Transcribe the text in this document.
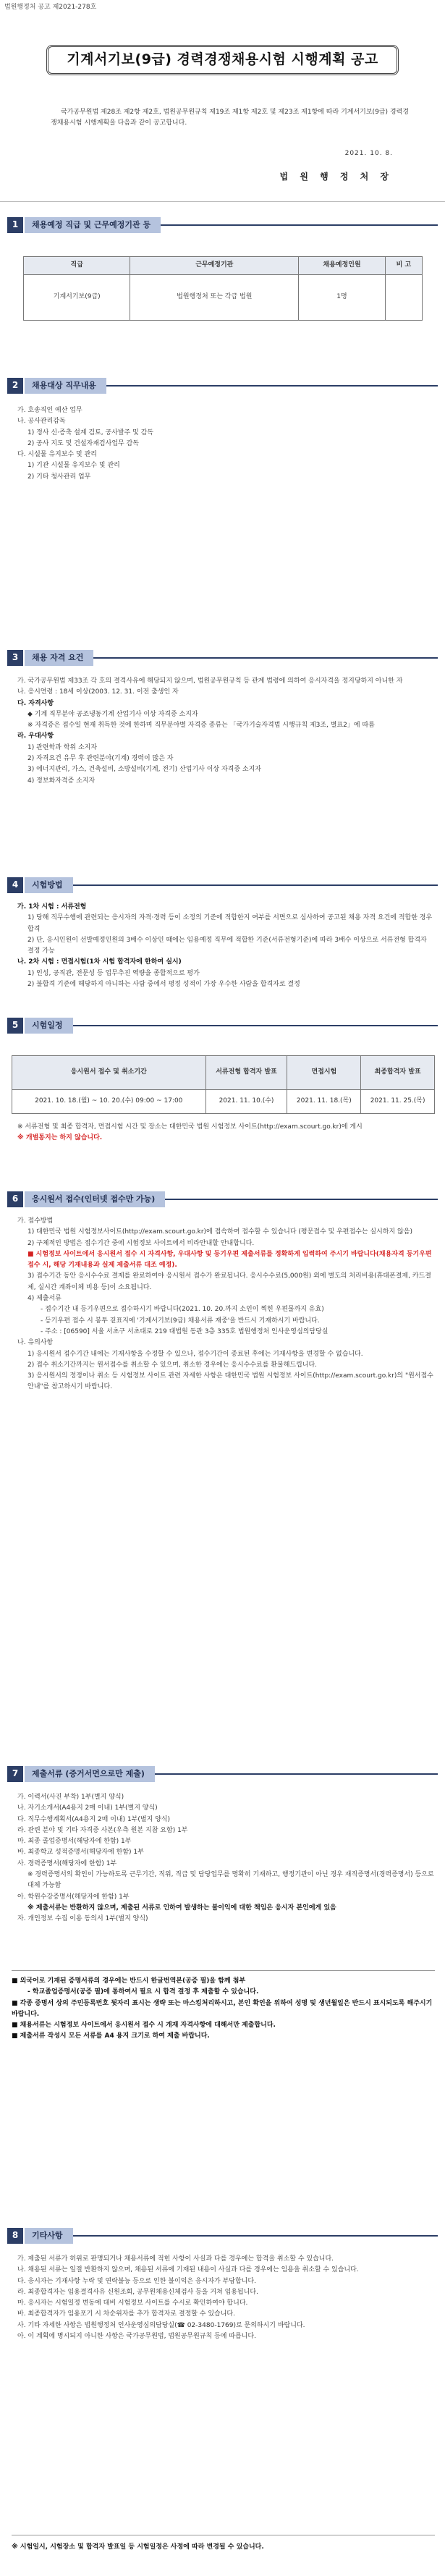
법원행정처 공고 제2021-278호
기계서기보(9급) 경력경쟁채용시험 시행계획 공고
국가공무원법 제28조 제2항 제2호, 법원공무원규칙 제19조 제1항 제2호 및 제23조 제1항에 따라 기계서기보(9급) 경력경쟁채용시험 시행계획을 다음과 같이 공고합니다.
2021. 10. 8.
법 원 행 정 처 장
1	채용예정 직급 및 근무예정기관 등
직급	근무예정기관	채용예정인원	비 고
기계서기보(9급)	법원행정처 또는 각급 법원	1명	
2	채용대상 직무내용

가. 호송직인 예산 업무

나. 공사관리감독

1) 정사 신‧증축 설계 검토, 공사발주 및 감독

2) 공사 지도 및 건설자재검사업무 감독

다. 시설물 유지보수 및 관리

1) 기관 시설물 유지보수 및 관리

2) 기타 청사관리 업무

3	채용 자격 요건

가. 국가공무원법 제33조 각 호의 결격사유에 해당되지 않으며, 법원공무원규칙 등 관계 법령에 의하여 응시자격을 정지당하지 아니한 자

나. 응시연령 : 18세 이상(2003. 12. 31. 이전 출생인 자

다. 자격사항

◆ 기계 직무분야 공조냉동기계 산업기사 이상 자격증 소지자

※ 자격증은 접수일 현재 취득한 것에 한하며 직무분야별 자격증 종류는 「국가기술자격법 시행규칙 제3조, 별표2」에 따름

라. 우대사항

1) 관련학과 학위 소지자

2) 자격요건 유무 후 관련분야(기계) 경력이 많은 자

3) 에너지관리, 가스, 건축설비, 소방설비(기계, 전기) 산업기사 이상 자격증 소지자

4) 정보화자격증 소지자

4	시험방법

가. 1차 시험 : 서류전형

1) 당해 직무수행에 관련되는 응시자의 자격‧경력 등이 소정의 기준에 적합한지 여부를 서면으로 심사하여 공고된 채용 자격 요건에 적합한 경우 합격

2) 단, 응시인원이 선발예정인원의 3배수 이상인 때에는 임용예정 직무에 적합한 기준(서류전형기준)에 따라 3배수 이상으로 서류전형 합격자 결정 가능

나. 2차 시험 : 면접시험(1차 시험 합격자에 한하여 실시)

1) 인성, 공직관, 전문성 등 업무추진 역량을 종합적으로 평가

2) 불합격 기준에 해당하지 아니하는 사람 중에서 평정 성적이 가장 우수한 사람을 합격자로 결정

5	시험일정
응시원서 접수 및 취소기간	서류전형 합격자 발표	면접시험	최종합격자 발표
2021. 10. 18.(월) ~ 10. 20.(수) 09:00 ~ 17:00	2021. 11. 10.(수)	2021. 11. 18.(목)	2021. 11. 25.(목)

※ 서류전형 및 최종 합격자, 면접시험 시간 및 장소는 대한민국 법원 시험정보 사이트(http://exam.scourt.go.kr)에 게시

※ 개별통지는 하지 않습니다.

6	응시원서 접수(인터넷 접수만 가능)

가. 접수방법

1) 대한민국 법원 시험정보사이트(http://exam.scourt.go.kr)에 접속하여 접수할 수 있습니다 (평문접수 및 우편접수는 실시하지 않음)

2) 구체적인 방법은 접수기간 중에 시험정보 사이트에서 비라안내할 안내합니다.

■ 시험정보 사이트에서 응시원서 접수 시 자격사항, 우대사항 및 등기우편 제출서류를 정확하게 입력하여 주시기 바랍니다(채용자격 등기우편 접수 시, 해당 기재내용과 실제 제출서류 대조 예정).

3) 접수기간 동안 응시수수료 결제를 완료하여야 응시원서 접수가 완료됩니다. 응시수수료(5,000원) 외에 별도의 처리비용(휴대폰결제, 카드결제, 실시간 계좌이체 비용 등)이 소요됩니다.

4) 제출서류

- 접수기간 내 등기우편으로 접수하시기 바랍니다(2021. 10. 20.까지 소인이 찍힌 우편물까지 유효)

- 등기우편 접수 시 봉투 겉표지에 '기계서기보(9급) 채용서류 재중'을 반드시 기재하시기 바랍니다.

- 주소 : [06590] 서울 서초구 서초대로 219 대법원 동관 3층 335호 법원행정처 인사운영심의담당실

나. 유의사항

1) 응시원서 접수기간 내에는 기재사항을 수정할 수 있으나, 접수기간이 종료된 후에는 기재사항을 변경할 수 없습니다.

2) 접수 취소기간까지는 원서접수를 취소할 수 있으며, 취소한 경우에는 응시수수료를 환불해드립니다.

3) 응시원서의 정정이나 취소 등 시험정보 사이트 관련 자세한 사항은 대한민국 법원 시험정보 사이트(http://exam.scourt.go.kr)의 "원서접수안내"를 참고하시기 바랍니다.

7	제출서류 (증거서면으로만 제출)

가. 이력서(사진 부착) 1부(별지 양식)

나. 자기소개서(A4용지 2매 이내) 1부(별지 양식)

다. 직무수행계획서(A4용지 2매 이내) 1부(별지 양식)

라. 관련 분야 및 기타 자격증 사본(우측 원본 지참 요함) 1부

마. 최종 졸업증명서(해당자에 한함) 1부

바. 최종학교 성적증명서(해당자에 한함) 1부

사. 경력증명서(해당자에 한함) 1부

※ 경력증명서의 확인이 가능하도록 근무기간, 직위, 직급 및 담당업무를 명확히 기재하고, 행정기관이 아닌 경우 재직증명서(경력증명서) 등으로 대체 가능함

아. 학원수강증명서(해당자에 한함) 1부

※ 제출서류는 반환하지 않으며, 제출된 서류로 인하여 발생하는 불이익에 대한 책임은 응시자 본인에게 있음

자. 개인정보 수집 이용 동의서 1부(별지 양식)

■ 외국어로 기재된 증명서류의 경우에는 반드시 한글번역본(공증 필)을 함께 첨부

- 학교졸업증명서(공증 필)에 통하여서 필요 시 합격 결정 후 제출할 수 있습니다.

■ 각종 증명서 상의 주민등록번호 뒷자리 표시는 생략 또는 마스킹처리하시고, 본인 확인을 위하여 성명 및 생년월일은 반드시 표시되도록 해주시기 바랍니다.

■ 채용서류는 시험정보 사이트에서 응시원서 접수 시 개재 자격사항에 대해서만 제출합니다.

■ 제출서류 작성시 모든 서류를 A4 용지 크기로 하여 제출 바랍니다.

8	기타사항

가. 제출된 서류가 허위로 판명되거나 채용서류에 적힌 사항이 사실과 다를 경우에는 합격을 취소할 수 있습니다.

나. 채용된 서류는 일절 반환하지 않으며, 채용된 서류에 기재된 내용이 사실과 다를 경우에는 임용을 취소할 수 있습니다.

다. 응시자는 기재사항 누락 및 연락불능 등으로 인한 불이익은 응시자가 부담합니다.

라. 최종합격자는 임용결격사유 신원조회, 공무원채용신체검사 등을 거쳐 임용됩니다.

마. 응시자는 시험일정 변동에 대비 시험정보 사이트를 수시로 확인하여야 합니다.

바. 최종합격자가 임용포기 시 차순위자를 추가 합격자로 결정할 수 있습니다.

사. 기타 자세한 사항은 법원행정처 인사운영심의담당실(☎ 02-3480-1769)로 문의하시기 바랍니다.

아. 이 계획에 명시되지 아니한 사항은 국가공무원법, 법원공무원규칙 등에 따릅니다.

※ 시험일시, 시험장소 및 합격자 발표일 등 시험일정은 사정에 따라 변경될 수 있습니다.
